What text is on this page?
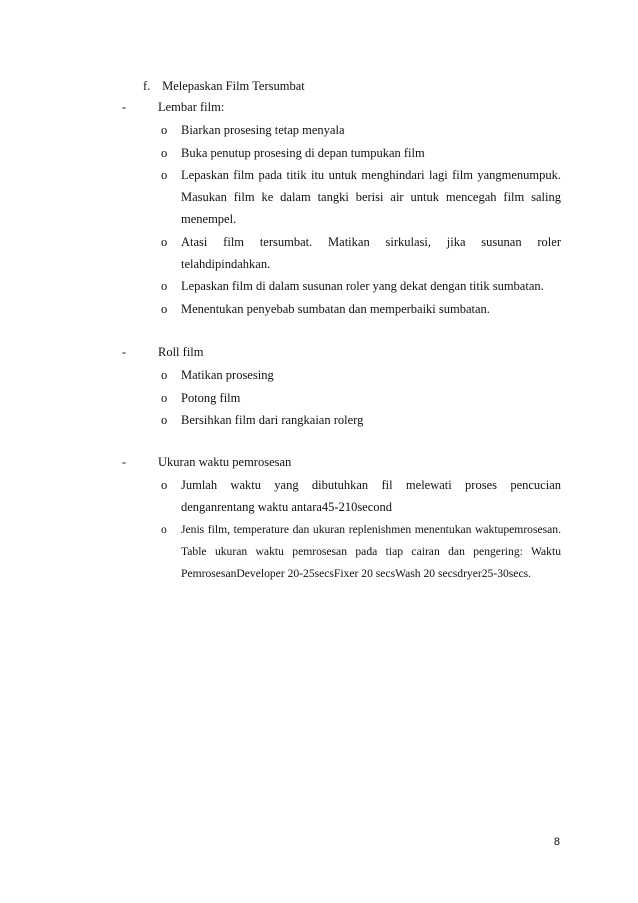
f. Melepaskan Film Tersumbat
-	Lembar film:
o Biarkan prosesing tetap menyala
o Buka penutup prosesing di depan tumpukan film
o Lepaskan film pada titik itu untuk menghindari lagi film yangmenumpuk. Masukan film ke dalam tangki berisi air untuk mencegah film saling menempel.
o Atasi film tersumbat. Matikan sirkulasi, jika susunan roler telahdipindahkan.
o Lepaskan film di dalam susunan roler yang dekat dengan titik sumbatan.
o Menentukan penyebab sumbatan dan memperbaiki sumbatan.
-	Roll film
o Matikan prosesing
o Potong film
o Bersihkan film dari rangkaian rolerg
-	Ukuran waktu pemrosesan
o Jumlah waktu yang dibutuhkan fil melewati proses pencucian denganrentang waktu antara45-210second
o Jenis film, temperature dan ukuran replenishmen menentukan waktupemrosesan. Table ukuran waktu pemrosesan pada tiap cairan dan pengering: Waktu PemrosesanDeveloper 20-25secsFixer 20 secsWash 20 secsdryer25-30secs.
8
